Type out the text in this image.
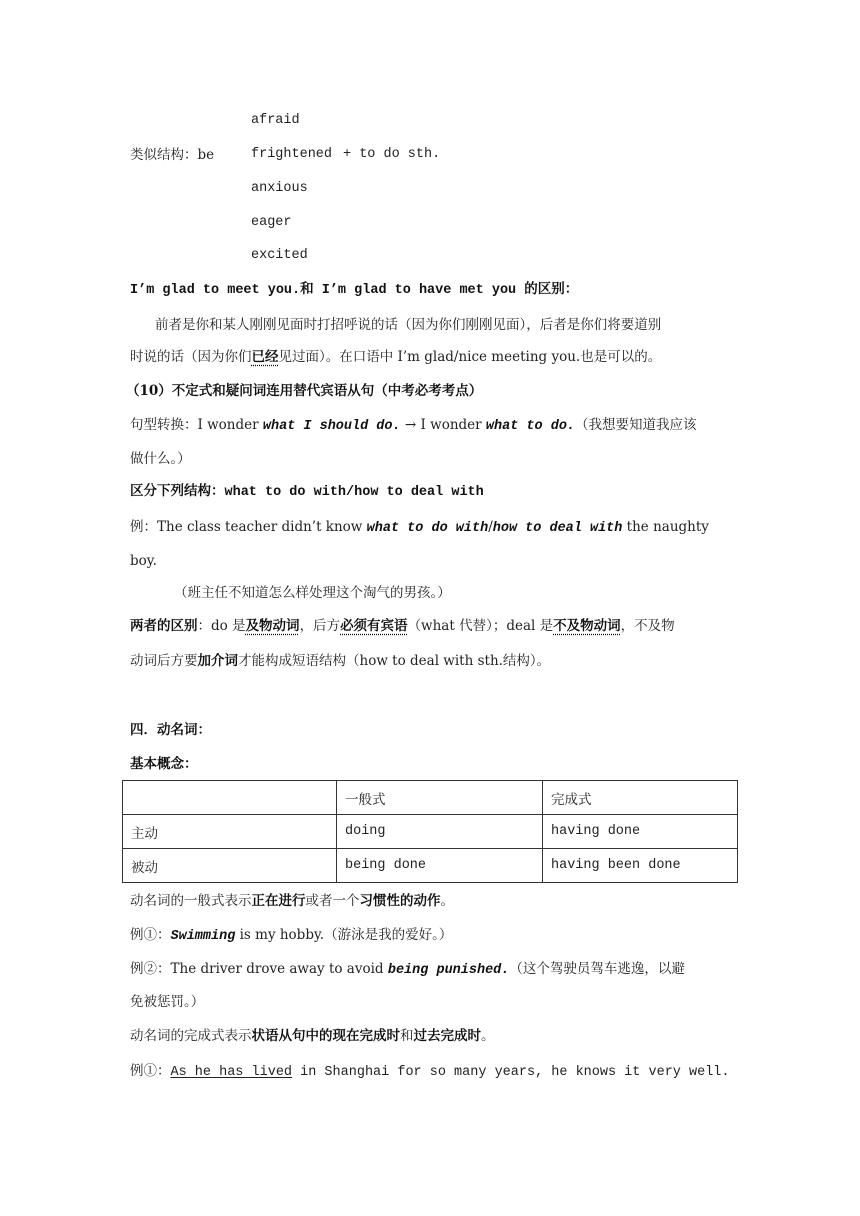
afraid
类似结构：be	frightened + to do sth.
anxious
eager
excited
I’m glad to meet you.和 I’m glad to have met you 的区别：
前者是你和某人刚刚见面时打招呼说的话（因为你们刚刚见面），后者是你们将要道别
时说的话（因为你们已经见过面）。在口语中 I’m glad/nice meeting you.也是可以的。
（10）不定式和疑问词连用替代宾语从句（中考必考考点）
句型转换：I wonder what I should do. → I wonder what to do.（我想要知道我应该
做什么。）
区分下列结构：what to do with/how to deal with
例：The class teacher didn’t know what to do with/how to deal with the naughty
boy.
（班主任不知道怎么样处理这个淘气的男孩。）
两者的区别：do 是及物动词，后方必须有宾语（what 代替）；deal 是不及物动词，不及物
动词后方要加介词才能构成短语结构（how to deal with sth.结构）。
四．动名词：
基本概念：
	一般式	完成式
主动	doing	having done
被动	being done	having been done
动名词的一般式表示正在进行或者一个习惯性的动作。
例①：Swimming is my hobby.（游泳是我的爱好。）
例②：The driver drove away to avoid being punished.（这个驾驶员驾车逃逸，以避
免被惩罚。）
动名词的完成式表示状语从句中的现在完成时和过去完成时。
例①：As he has lived in Shanghai for so many years, he knows it very well.
